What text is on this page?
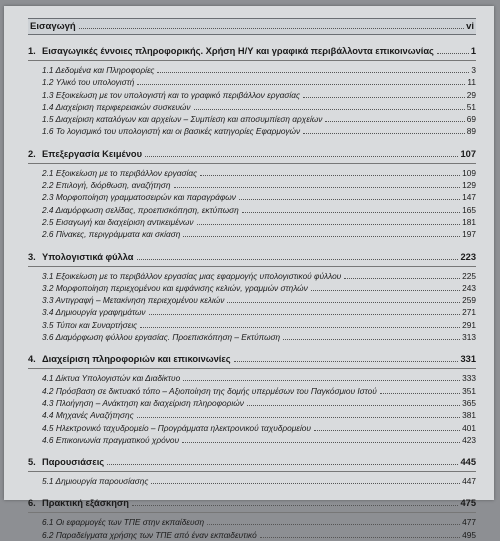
Εισαγωγή	vi
1. Εισαγωγικές έννοιες πληροφορικής. Χρήση Η/Υ και γραφικά περιβάλλοντα επικοινωνίας	1
1.1 Δεδομένα και Πληροφορίες	3
1.2 Υλικό του υπολογιστή	11
1.3 Εξοικείωση με τον υπολογιστή και το γραφικό περιβάλλον εργασίας	29
1.4 Διαχείριση περιφερειακών συσκευών	51
1.5 Διαχείριση καταλόγων και αρχείων – Συμπίεση και αποσυμπίεση αρχείων	69
1.6 Το λογισμικό του υπολογιστή και οι βασικές κατηγορίες Εφαρμογών	89
2. Επεξεργασία Κειμένου	107
2.1 Εξοικείωση με το περιβάλλον εργασίας	109
2.2 Επιλογή, διόρθωση, αναζήτηση	129
2.3 Μορφοποίηση γραμματοσειρών και παραγράφων	147
2.4 Διαμόρφωση σελίδας, προεπισκόπηση, εκτύπωση	165
2.5 Εισαγωγή και διαχείριση αντικειμένων	181
2.6 Πίνακες, περιγράμματα και σκίαση	197
3. Υπολογιστικά φύλλα	223
3.1 Εξοικείωση με το περιβάλλον εργασίας μιας εφαρμογής υπολογιστικού φύλλου	225
3.2 Μορφοποίηση περιεχομένου και εμφάνισης κελιών, γραμμών στηλών	243
3.3 Αντιγραφή – Μετακίνηση περιεχομένου κελιών	259
3.4 Δημιουργία γραφημάτων	271
3.5 Τύποι και Συναρτήσεις	291
3.6 Διαμόρφωση φύλλου εργασίας. Προεπισκόπηση – Εκτύπωση	313
4. Διαχείριση πληροφοριών και επικοινωνίες	331
4.1 Δίκτυα Υπολογιστών και Διαδίκτυο	333
4.2 Πρόσβαση σε δικτυακό τόπο – Αξιοποίηση της δομής υπερμέσων του Παγκόσμιου Ιστού	351
4.3 Πλοήγηση – Ανάκτηση και διαχείριση πληροφοριών	365
4.4 Μηχανές Αναζήτησης	381
4.5 Ηλεκτρονικό ταχυδρομείο – Προγράμματα ηλεκτρονικού ταχυδρομείου	401
4.6 Επικοινωνία πραγματικού χρόνου	423
5. Παρουσιάσεις	445
5.1 Δημιουργία παρουσίασης	447
6. Πρακτική εξάσκηση	475
6.1 Οι εφαρμογές των ΤΠΕ στην εκπαίδευση	477
6.2 Παραδείγματα χρήσης των ΤΠΕ από έναν εκπαιδευτικό	495
